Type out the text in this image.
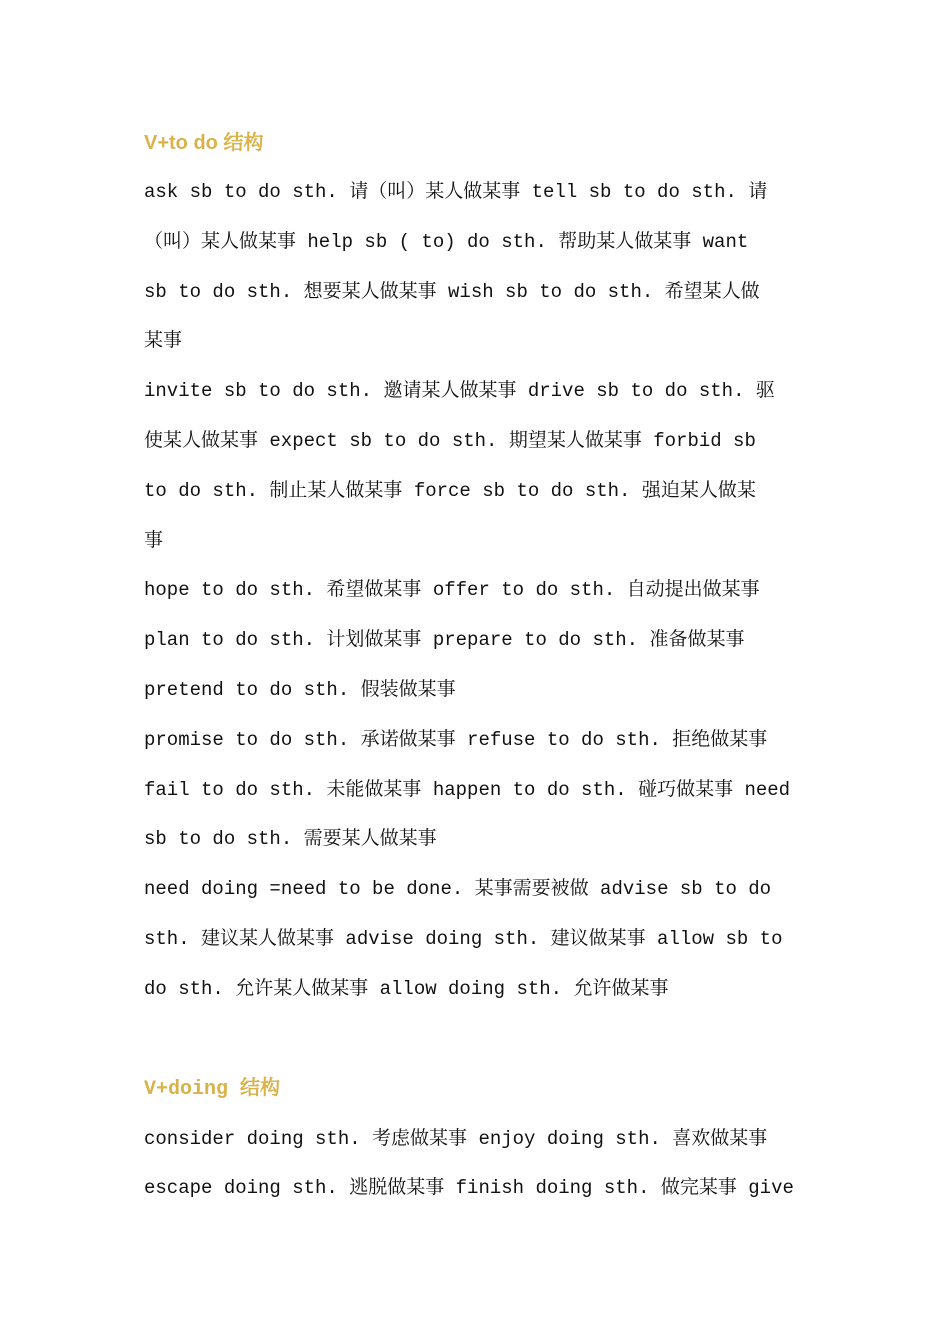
V+to do 结构
ask sb to do sth. 请（叫）某人做某事 tell sb to do sth. 请
（叫）某人做某事 help sb ( to) do sth. 帮助某人做某事 want
sb to do sth. 想要某人做某事 wish sb to do sth. 希望某人做
某事
invite sb to do sth. 邀请某人做某事 drive sb to do sth. 驱
使某人做某事 expect sb to do sth. 期望某人做某事 forbid sb
to do sth. 制止某人做某事 force sb to do sth. 强迫某人做某
事
hope to do sth. 希望做某事 offer to do sth. 自动提出做某事
plan to do sth. 计划做某事 prepare to do sth. 准备做某事
pretend to do sth. 假装做某事
promise to do sth. 承诺做某事 refuse to do sth. 拒绝做某事
fail to do sth. 未能做某事 happen to do sth. 碰巧做某事 need
sb to do sth. 需要某人做某事
need doing =need to be done. 某事需要被做 advise sb to do
sth. 建议某人做某事 advise doing sth. 建议做某事 allow sb to
do sth. 允许某人做某事 allow doing sth. 允许做某事
V+doing 结构
consider doing sth. 考虑做某事 enjoy doing sth. 喜欢做某事
escape doing sth. 逃脱做某事 finish doing sth. 做完某事 give
